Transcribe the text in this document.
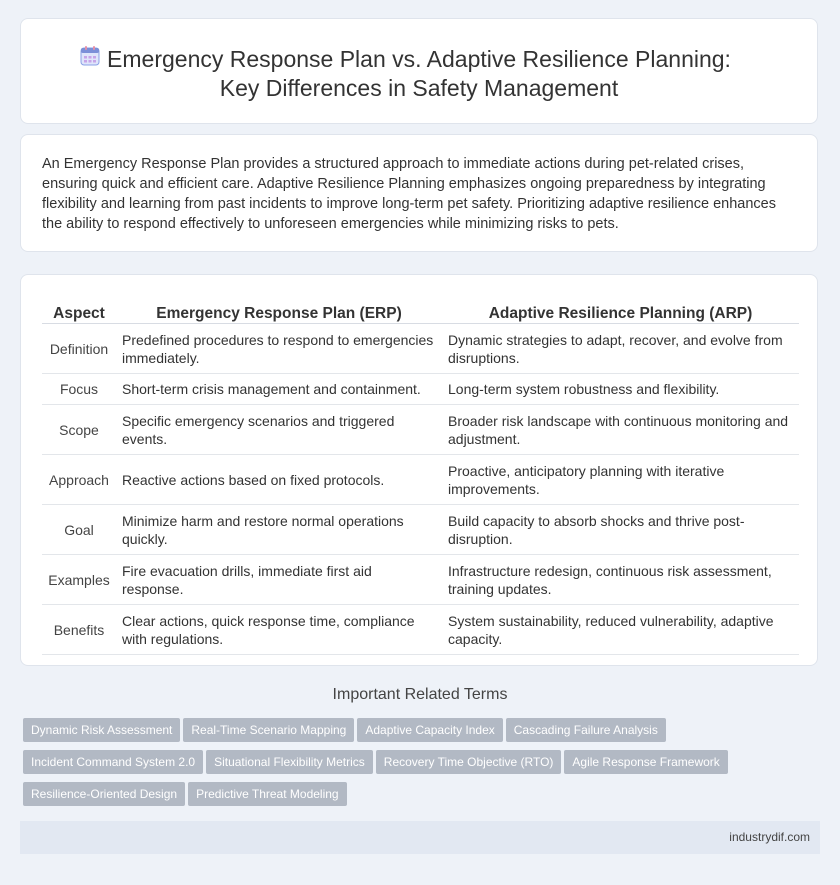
Emergency Response Plan vs. Adaptive Resilience Planning: Key Differences in Safety Management

An Emergency Response Plan provides a structured approach to immediate actions during pet-related crises, ensuring quick and efficient care. Adaptive Resilience Planning emphasizes ongoing preparedness by integrating flexibility and learning from past incidents to improve long-term pet safety. Prioritizing adaptive resilience enhances the ability to respond effectively to unforeseen emergencies while minimizing risks to pets.

Aspect	Emergency Response Plan (ERP)	Adaptive Resilience Planning (ARP)
Definition	Predefined procedures to respond to emergencies immediately.	Dynamic strategies to adapt, recover, and evolve from disruptions.
Focus	Short-term crisis management and containment.	Long-term system robustness and flexibility.
Scope	Specific emergency scenarios and triggered events.	Broader risk landscape with continuous monitoring and adjustment.
Approach	Reactive actions based on fixed protocols.	Proactive, anticipatory planning with iterative improvements.
Goal	Minimize harm and restore normal operations quickly.	Build capacity to absorb shocks and thrive post-disruption.
Examples	Fire evacuation drills, immediate first aid response.	Infrastructure redesign, continuous risk assessment, training updates.
Benefits	Clear actions, quick response time, compliance with regulations.	System sustainability, reduced vulnerability, adaptive capacity.
Important Related Terms
Dynamic Risk Assessment Real-Time Scenario Mapping Adaptive Capacity Index Cascading Failure Analysis
Incident Command System 2.0 Situational Flexibility Metrics Recovery Time Objective (RTO) Agile Response Framework
Resilience-Oriented Design Predictive Threat Modeling
industrydif.com
